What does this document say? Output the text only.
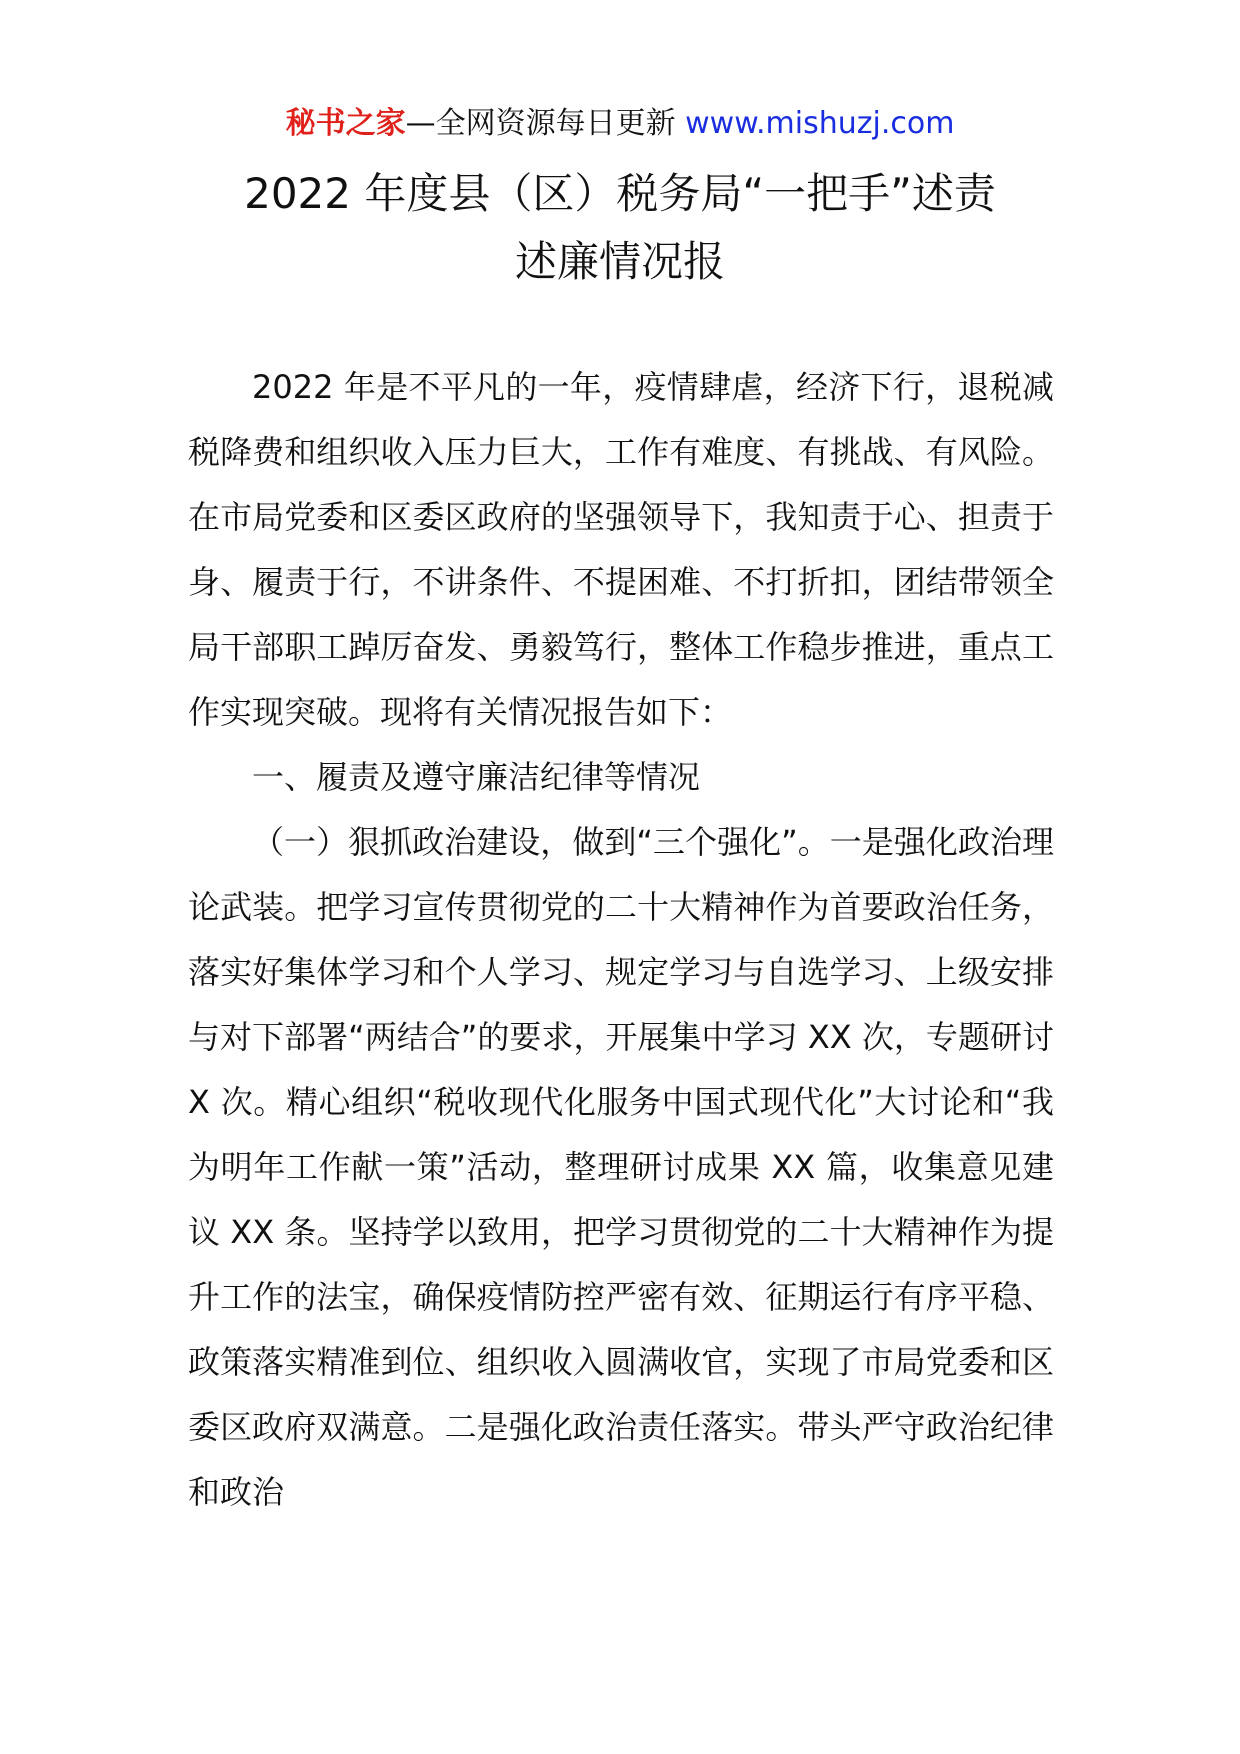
秘书之家—全网资源每日更新 www.mishuzj.com
2022 年度县（区）税务局“一把手”述责
述廉情况报

2022 年是不平凡的一年，疫情肆虐，经济下行，退税减税降费和组织收入压力巨大，工作有难度、有挑战、有风险。在市局党委和区委区政府的坚强领导下，我知责于心、担责于身、履责于行，不讲条件、不提困难、不打折扣，团结带领全局干部职工踔厉奋发、勇毅笃行，整体工作稳步推进，重点工作实现突破。现将有关情况报告如下：

一、履责及遵守廉洁纪律等情况

（一）狠抓政治建设，做到“三个强化”。一是强化政治理论武装。把学习宣传贯彻党的二十大精神作为首要政治任务，落实好集体学习和个人学习、规定学习与自选学习、上级安排与对下部署“两结合”的要求，开展集中学习 XX 次，专题研讨 X 次。精心组织“税收现代化服务中国式现代化”大讨论和“我为明年工作献一策”活动，整理研讨成果 XX 篇，收集意见建议 XX 条。坚持学以致用，把学习贯彻党的二十大精神作为提升工作的法宝，确保疫情防控严密有效、征期运行有序平稳、政策落实精准到位、组织收入圆满收官，实现了市局党委和区委区政府双满意。二是强化政治责任落实。带头严守政治纪律和政治
